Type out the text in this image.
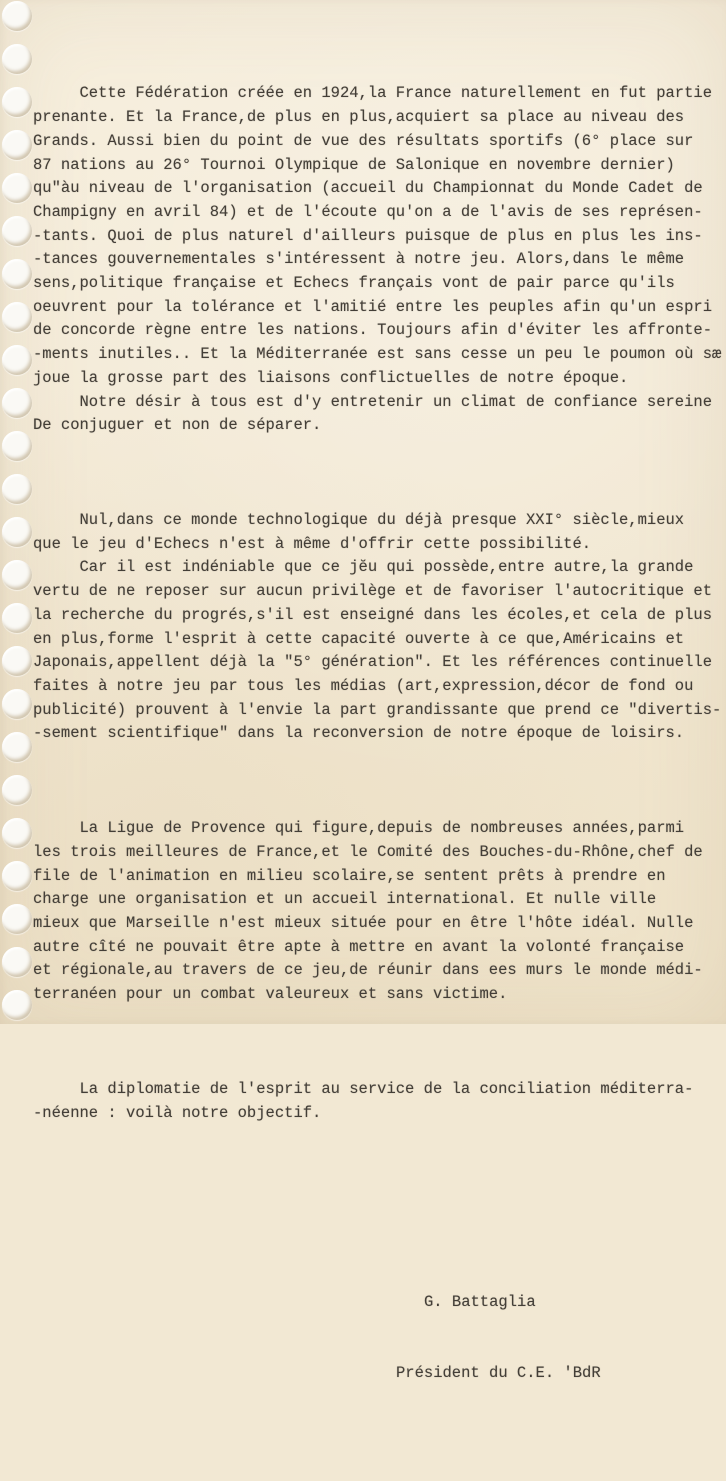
Cette Fédération créée en 1924,la France naturellement en fut partie
prenante. Et la France,de plus en plus,acquiert sa place au niveau des
Grands. Aussi bien du point de vue des résultats sportifs (6° place sur
87 nations au 26° Tournoi Olympique de Salonique en novembre dernier)
qu"àu niveau de l'organisation (accueil du Championnat du Monde Cadet de
Champigny en avril 84) et de l'écoute qu'on a de l'avis de ses représen-
-tants. Quoi de plus naturel d'ailleurs puisque de plus en plus les ins-
-tances gouvernementales s'intéressent à notre jeu. Alors,dans le même
sens,politique française et Echecs français vont de pair parce qu'ils
oeuvrent pour la tolérance et l'amitié entre les peuples afin qu'un espri
de concorde règne entre les nations. Toujours afin d'éviter les affronte-
-ments inutiles.. Et la Méditerranée est sans cesse un peu le poumon où sæ
joue la grosse part des liaisons conflictuelles de notre époque.
Notre désir à tous est d'y entretenir un climat de confiance sereine
De conjuguer et non de séparer.

Nul,dans ce monde technologique du déjà presque XXI° siècle,mieux
que le jeu d'Echecs n'est à même d'offrir cette possibilité.
Car il est indéniable que ce jĕu qui possède,entre autre,la grande
vertu de ne reposer sur aucun privilège et de favoriser l'autocritique et
la recherche du progrés,s'il est enseigné dans les écoles,et cela de plus
en plus,forme l'esprit à cette capacité ouverte à ce que,Américains et
Japonais,appellent déjà la "5° génération". Et les références continuelle
faites à notre jeu par tous les médias (art,expression,décor de fond ou
publicité) prouvent à l'envie la part grandissante que prend ce "divertis-
-sement scientifique" dans la reconversion de notre époque de loisirs.

La Ligue de Provence qui figure,depuis de nombreuses années,parmi
les trois meilleures de France,et le Comité des Bouches-du-Rhône,chef de
file de l'animation en milieu scolaire,se sentent prêts à prendre en
charge une organisation et un accueil international. Et nulle ville
mieux que Marseille n'est mieux située pour en être l'hôte idéal. Nulle
autre cîté ne pouvait être apte à mettre en avant la volonté française
et régionale,au travers de ce jeu,de réunir dans ees murs le monde médi-
terranéen pour un combat valeureux et sans victime.

La diplomatie de l'esprit au service de la conciliation méditerra-
-néenne : voilà notre objectif.

G. Battaglia

Président du C.E. 'BdR
